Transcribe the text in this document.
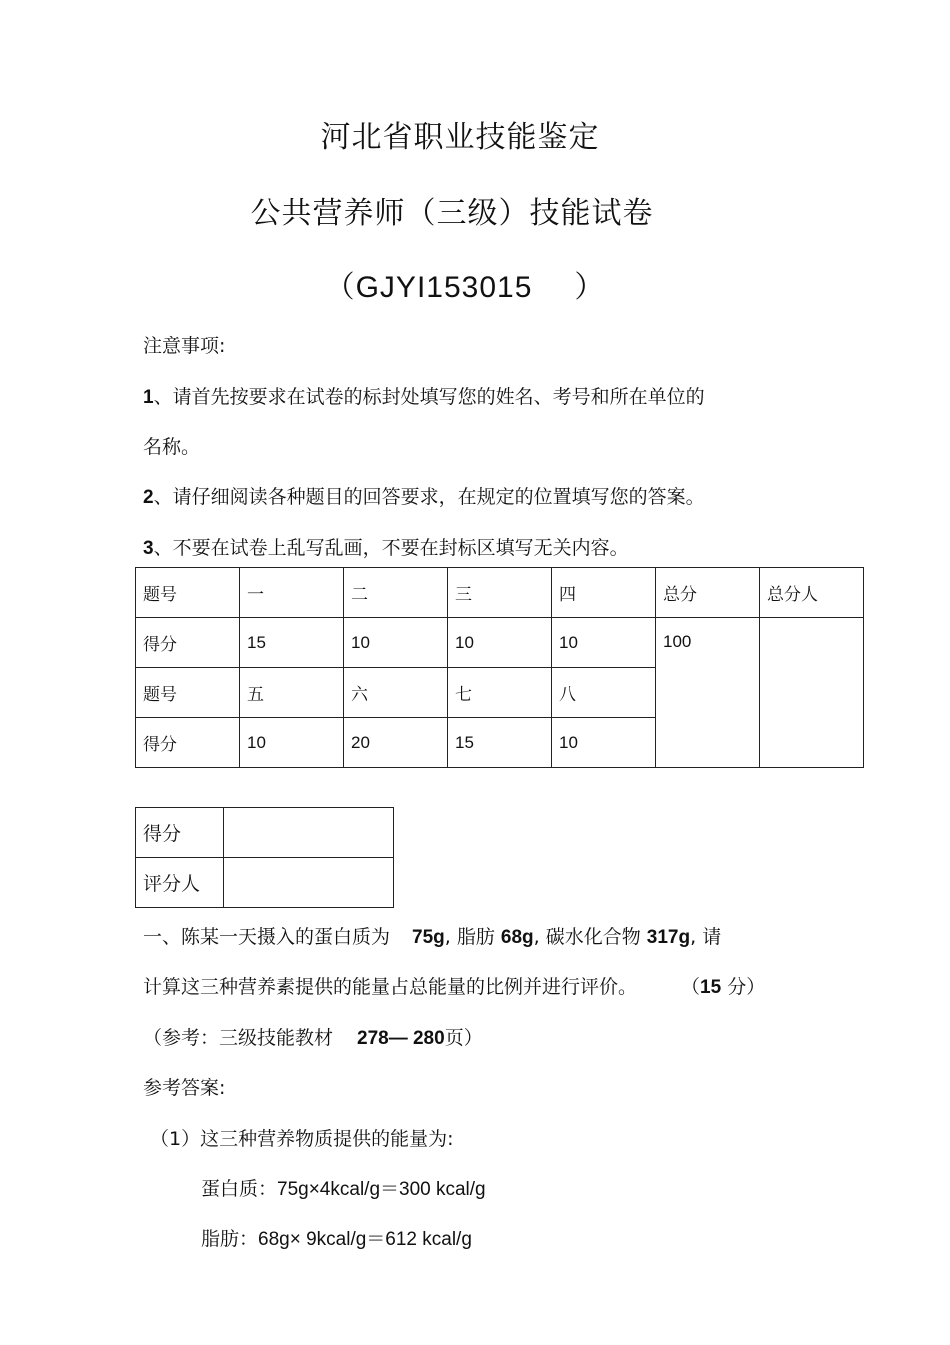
河北省职业技能鉴定
公共营养师（三级）技能试卷
（GJYI153015 ）
注意事项:
1、请首先按要求在试卷的标封处填写您的姓名、考号和所在单位的
名称。
2、请仔细阅读各种题目的回答要求，在规定的位置填写您的答案。
3、不要在试卷上乱写乱画，不要在封标区填写无关内容。
题号	一	二	三	四	总分	总分人
得分	15	10	10	10	100	
题号	五	六	七	八		
得分	10	20	15	10		
得分	
评分人	
一、陈某一天摄入的蛋白质为 75g, 脂肪 68g, 碳水化合物 317g, 请
计算这三种营养素提供的能量占总能量的比例并进行评价。 （15 分）
（参考：三级技能教材 278— 280页）
参考答案:
（1）这三种营养物质提供的能量为:
蛋白质：75g×4kcal/g＝300 kcal/g
脂肪：68g× 9kcal/g＝612 kcal/g
